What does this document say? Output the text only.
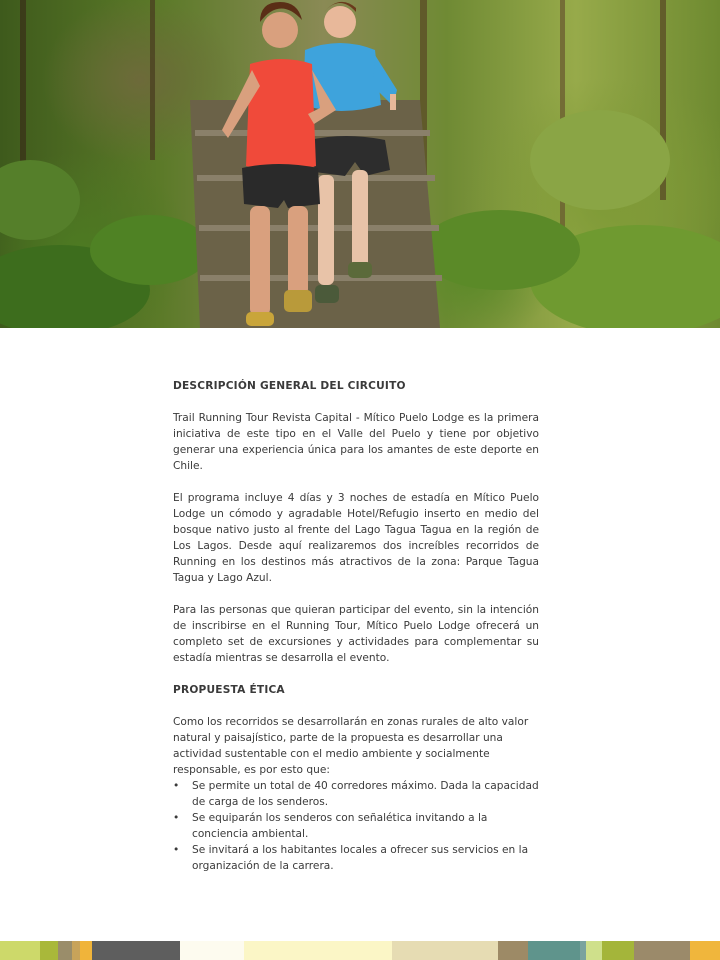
DESCRIPCIÓN GENERAL DEL CIRCUITO

Trail Running Tour Revista Capital - Mítico Puelo Lodge es la primera iniciativa de este tipo en el Valle del Puelo y tiene por objetivo generar una experiencia única para los amantes de este deporte en Chile.

El programa incluye 4 días y 3 noches de estadía en Mítico Puelo Lodge un cómodo y agradable Hotel/Refugio inserto en medio del bosque nativo justo al frente del Lago Tagua Tagua en la región de Los Lagos. Desde aquí realizaremos dos increíbles recorridos de Running en los destinos más atractivos de la zona: Parque Tagua Tagua y Lago Azul.

Para las personas que quieran participar del evento, sin la intención de inscribirse en el Running Tour, Mítico Puelo Lodge ofrecerá un completo set de excursiones y actividades para complementar su estadía mientras se desarrolla el evento.

PROPUESTA ÉTICA

Como los recorridos se desarrollarán en zonas rurales de alto valor natural y paisajístico, parte de la propuesta es desarrollar una actividad sustentable con el medio ambiente y socialmente responsable, es por esto que:

• Se permite un total de 40 corredores máximo. Dada la capacidad de carga de los senderos.
• Se equiparán los senderos con señalética invitando a la conciencia ambiental.
• Se invitará a los habitantes locales a ofrecer sus servicios en la organización de la carrera.
